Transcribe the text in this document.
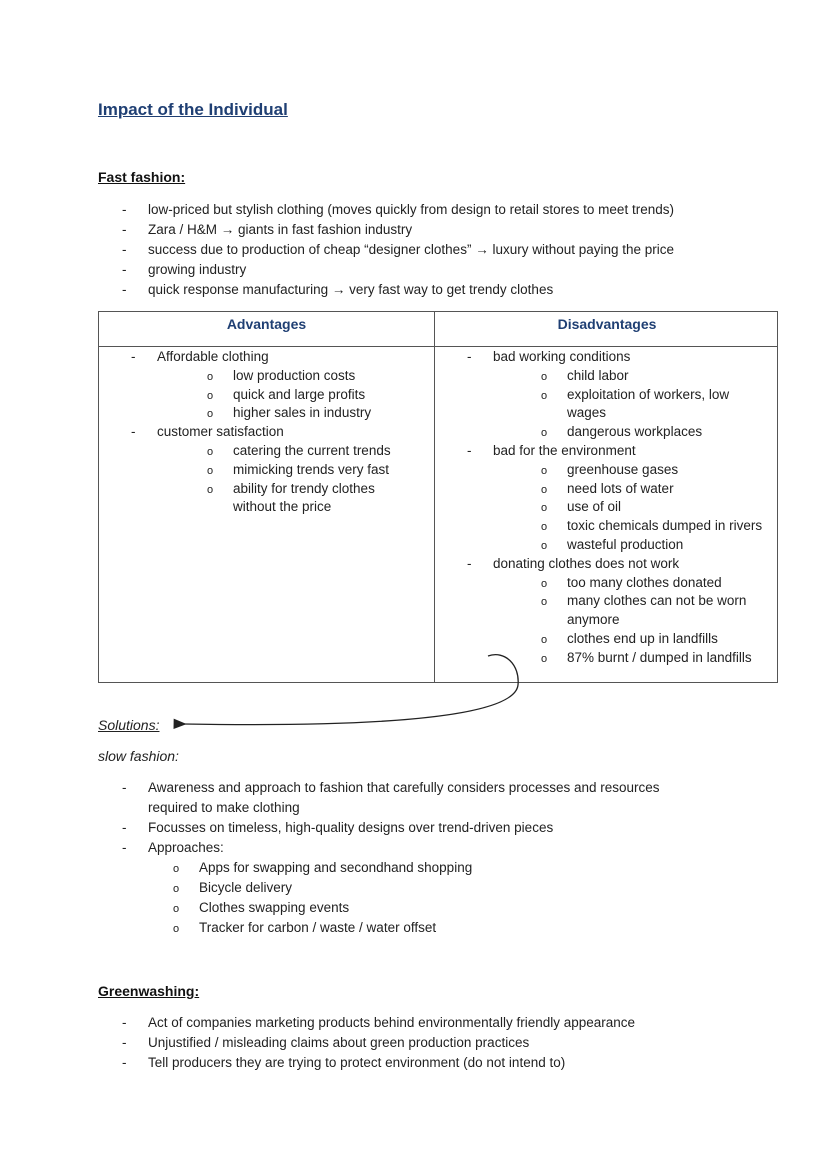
Impact of the Individual
Fast fashion:
- low-priced but stylish clothing (moves quickly from design to retail stores to meet trends)
- Zara / H&M → giants in fast fashion industry
- success due to production of cheap “designer clothes” → luxury without paying the price
- growing industry
- quick response manufacturing → very fast way to get trendy clothes
Advantages	Disadvantages
- Affordable clothing
o low production costs
o quick and large profits
o higher sales in industry
- customer satisfaction
o catering the current trends
o mimicking trends very fast
o ability for trendy clothes without the price
- bad working conditions
o child labor
o exploitation of workers, low wages
o dangerous workplaces
- bad for the environment
o greenhouse gases
o need lots of water
o use of oil
o toxic chemicals dumped in rivers
o wasteful production
- donating clothes does not work
o too many clothes donated
o many clothes can not be worn anymore
o clothes end up in landfills
o 87% burnt / dumped in landfills
Solutions:
slow fashion:
- Awareness and approach to fashion that carefully considers processes and resources required to make clothing
- Focusses on timeless, high-quality designs over trend-driven pieces
- Approaches:
o Apps for swapping and secondhand shopping
o Bicycle delivery
o Clothes swapping events
o Tracker for carbon / waste / water offset
Greenwashing:
- Act of companies marketing products behind environmentally friendly appearance
- Unjustified / misleading claims about green production practices
- Tell producers they are trying to protect environment (do not intend to)
